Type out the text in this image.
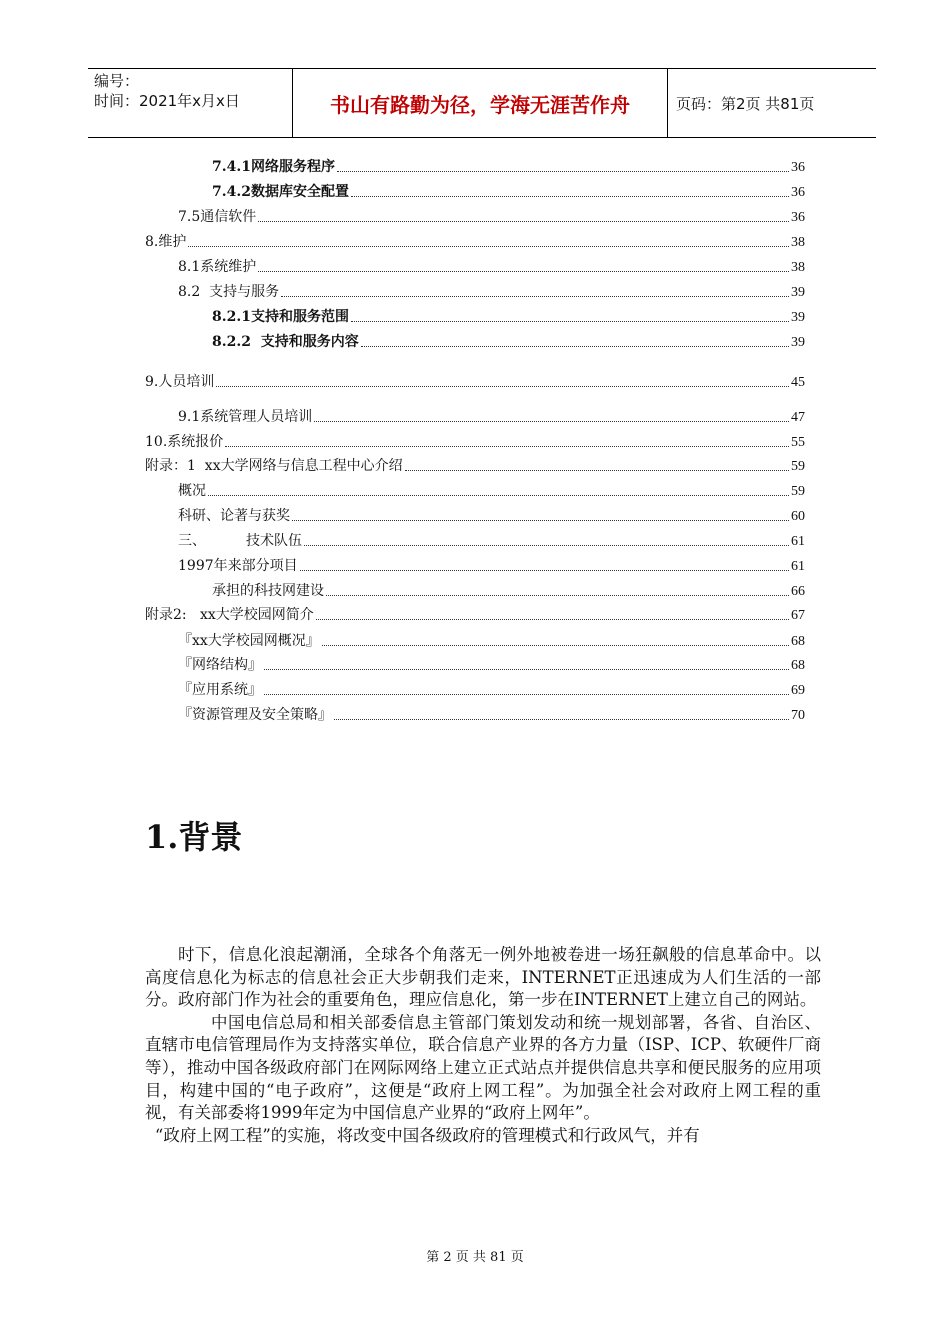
编号：
时间：2021年x月x日	书山有路勤为径，学海无涯苦作舟	页码：第2页 共81页
7.4.1网络服务程序	36
7.4.2数据库安全配置	36
7.5通信软件	36
8.维护	38
8.1系统维护	38
8.2  支持与服务	39
8.2.1支持和服务范围	39
8.2.2  支持和服务内容	39
9.人员培训	45
9.1系统管理人员培训	47
10.系统报价	55
附录：1  xx大学网络与信息工程中心介绍	59
概况	59
科研、论著与获奖	60
三、         技术队伍	61
1997年来部分项目	61
承担的科技网建设	66
附录2:   xx大学校园网简介	67
『xx大学校园网概况』	68
『网络结构』	68
『应用系统』	69
『资源管理及安全策略』	70
1.背景

时下，信息化浪起潮涌，全球各个角落无一例外地被卷进一场狂飙般的信息革命中。以高度信息化为标志的信息社会正大步朝我们走来，INTERNET正迅速成为人们生活的一部分。政府部门作为社会的重要角色，理应信息化，第一步在INTERNET上建立自己的网站。

中国电信总局和相关部委信息主管部门策划发动和统一规划部署，各省、自治区、直辖市电信管理局作为支持落实单位，联合信息产业界的各方力量（ISP、ICP、软硬件厂商等），推动中国各级政府部门在网际网络上建立正式站点并提供信息共享和便民服务的应用项目，构建中国的“电子政府”，这便是“政府上网工程”。为加强全社会对政府上网工程的重视，有关部委将1999年定为中国信息产业界的“政府上网年”。

“政府上网工程”的实施，将改变中国各级政府的管理模式和行政风气，并有

第 2 页 共 81 页
